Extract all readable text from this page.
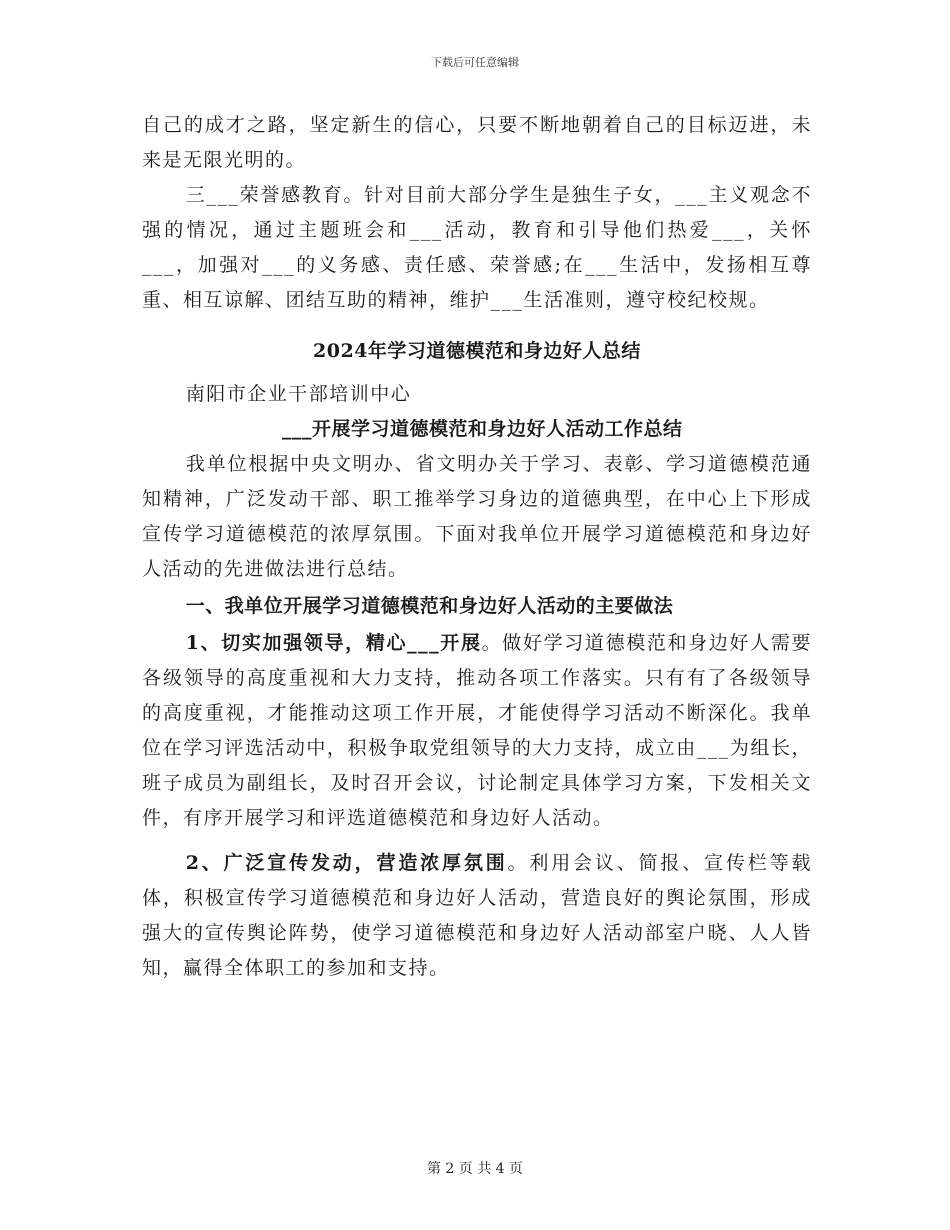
下载后可任意编辑

自己的成才之路，坚定新生的信心，只要不断地朝着自己的目标迈进，未来是无限光明的。

三___荣誉感教育。针对目前大部分学生是独生子女，___主义观念不强的情况，通过主题班会和___活动，教育和引导他们热爱___，关怀___，加强对___的义务感、责任感、荣誉感;在___生活中，发扬相互尊重、相互谅解、团结互助的精神，维护___生活准则，遵守校纪校规。

2024年学习道德模范和身边好人总结

南阳市企业干部培训中心

___开展学习道德模范和身边好人活动工作总结

我单位根据中央文明办、省文明办关于学习、表彰、学习道德模范通知精神，广泛发动干部、职工推举学习身边的道德典型，在中心上下形成宣传学习道德模范的浓厚氛围。下面对我单位开展学习道德模范和身边好人活动的先进做法进行总结。

一、我单位开展学习道德模范和身边好人活动的主要做法

1、切实加强领导，精心___开展。做好学习道德模范和身边好人需要各级领导的高度重视和大力支持，推动各项工作落实。只有有了各级领导的高度重视，才能推动这项工作开展，才能使得学习活动不断深化。我单位在学习评选活动中，积极争取党组领导的大力支持，成立由___为组长，班子成员为副组长，及时召开会议，讨论制定具体学习方案，下发相关文件，有序开展学习和评选道德模范和身边好人活动。

2、广泛宣传发动，营造浓厚氛围。利用会议、简报、宣传栏等载体，积极宣传学习道德模范和身边好人活动，营造良好的舆论氛围，形成强大的宣传舆论阵势，使学习道德模范和身边好人活动部室户晓、人人皆知，赢得全体职工的参加和支持。

第 2 页 共 4 页
